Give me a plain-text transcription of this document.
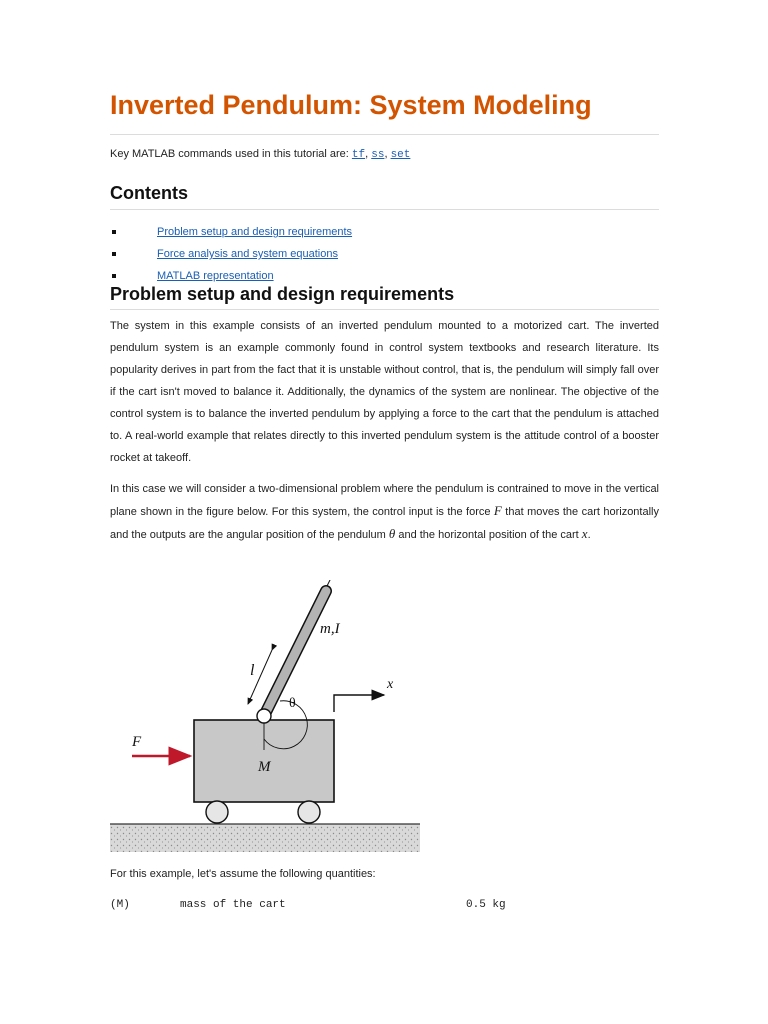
Inverted Pendulum: System Modeling
Key MATLAB commands used in this tutorial are: tf, ss, set
Contents
Problem setup and design requirements
Force analysis and system equations
MATLAB representation
Problem setup and design requirements

The system in this example consists of an inverted pendulum mounted to a motorized cart. The inverted pendulum system is an example commonly found in control system textbooks and research literature. Its popularity derives in part from the fact that it is unstable without control, that is, the pendulum will simply fall over if the cart isn't moved to balance it. Additionally, the dynamics of the system are nonlinear. The objective of the control system is to balance the inverted pendulum by applying a force to the cart that the pendulum is attached to. A real-world example that relates directly to this inverted pendulum system is the attitude control of a booster rocket at takeoff.

In this case we will consider a two-dimensional problem where the pendulum is contrained to move in the vertical plane shown in the figure below. For this system, the control input is the force F that moves the cart horizontally and the outputs are the angular position of the pendulum θ and the horizontal position of the cart x.

m,I
l
x
θ
F
M
For this example, let's assume the following quantities:
(M)	mass of the cart	0.5 kg
